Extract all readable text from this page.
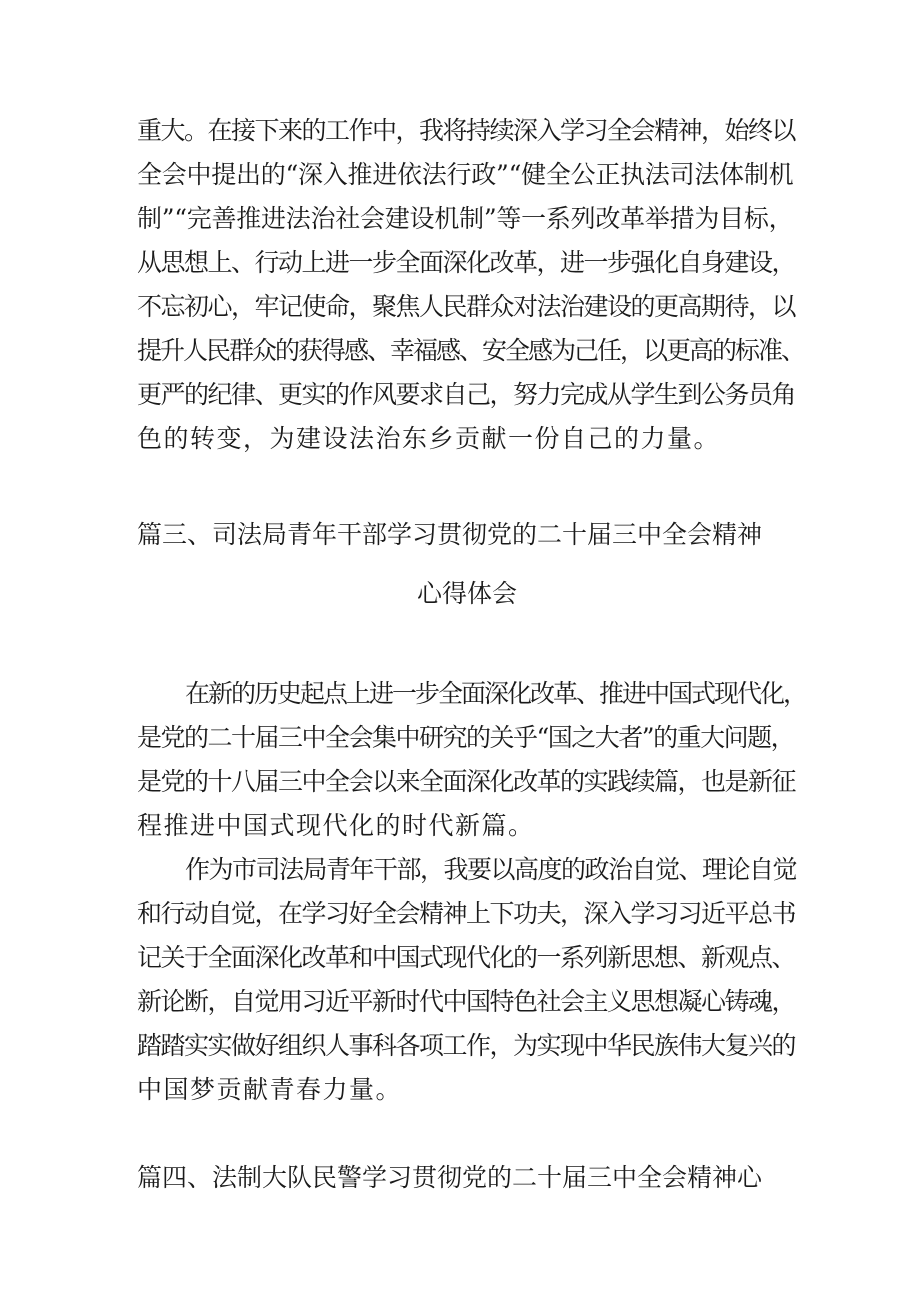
重大。在接下来的工作中，我将持续深入学习全会精神，始终以
全会中提出的“深入推进依法行政”“健全公正执法司法体制机
制”“完善推进法治社会建设机制”等一系列改革举措为目标，
从思想上、行动上进一步全面深化改革，进一步强化自身建设，
不忘初心，牢记使命，聚焦人民群众对法治建设的更高期待，以
提升人民群众的获得感、幸福感、安全感为己任，以更高的标准、
更严的纪律、更实的作风要求自己，努力完成从学生到公务员角
色的转变，为建设法治东乡贡献一份自己的力量。
篇三、司法局青年干部学习贯彻党的二十届三中全会精神
心得体会
在新的历史起点上进一步全面深化改革、推进中国式现代化，
是党的二十届三中全会集中研究的关乎“国之大者”的重大问题，
是党的十八届三中全会以来全面深化改革的实践续篇，也是新征
程推进中国式现代化的时代新篇。
作为市司法局青年干部，我要以高度的政治自觉、理论自觉
和行动自觉，在学习好全会精神上下功夫，深入学习习近平总书
记关于全面深化改革和中国式现代化的一系列新思想、新观点、
新论断，自觉用习近平新时代中国特色社会主义思想凝心铸魂，
踏踏实实做好组织人事科各项工作，为实现中华民族伟大复兴的
中国梦贡献青春力量。
篇四、法制大队民警学习贯彻党的二十届三中全会精神心
